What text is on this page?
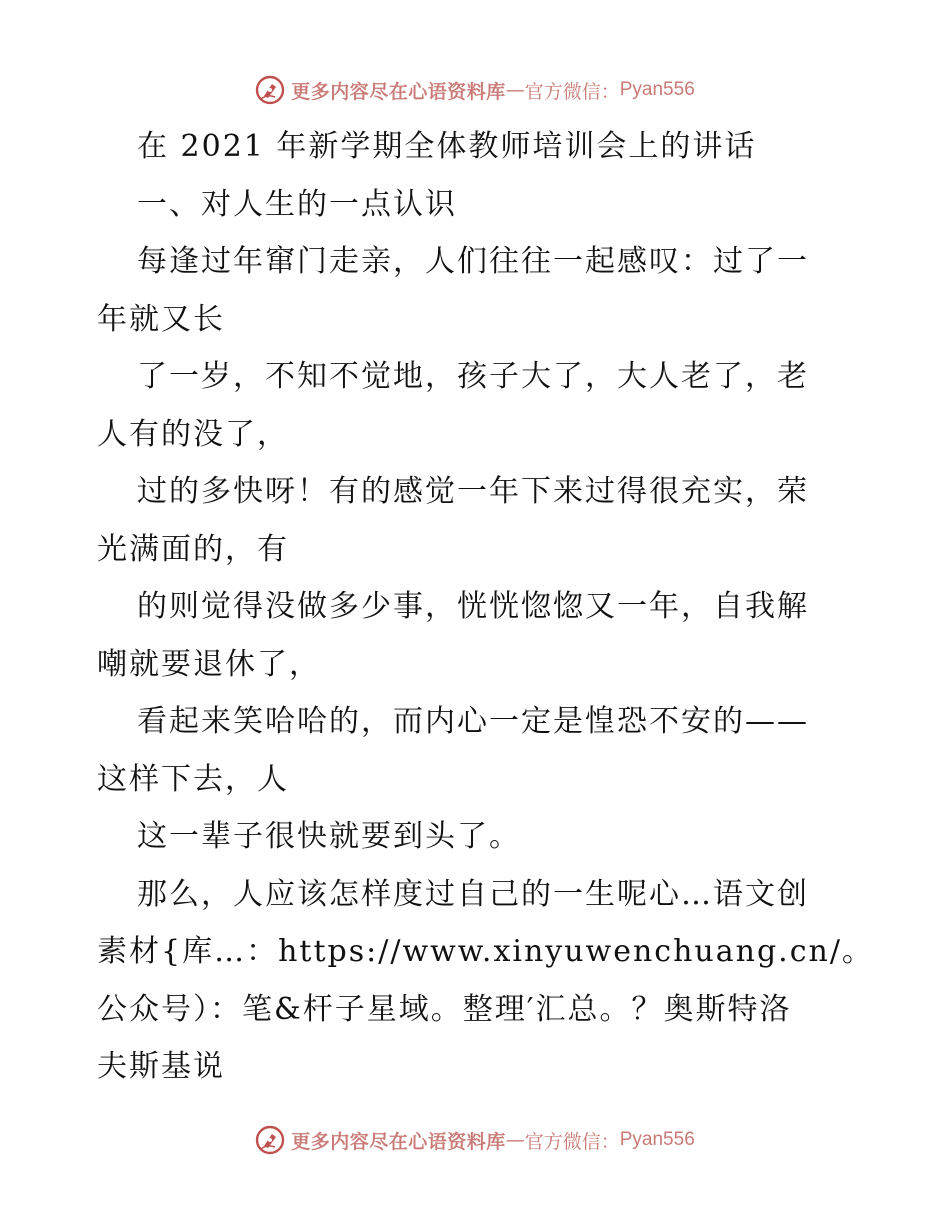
更多内容尽在心语资料库 — 官方微信： Pyan556
在 2021 年新学期全体教师培训会上的讲话
一、对人生的一点认识
每逢过年窜门走亲，人们往往一起感叹：过了一
年就又长
了一岁，不知不觉地，孩子大了，大人老了，老
人有的没了，
过的多快呀！有的感觉一年下来过得很充实，荣
光满面的，有
的则觉得没做多少事，恍恍惚惚又一年，自我解
嘲就要退休了，
看起来笑哈哈的，而内心一定是惶恐不安的——
这样下去，人
这一辈子很快就要到头了。
那么，人应该怎样度过自己的一生呢心…语文创
素材{库…：https://www.xinyuwenchuang.cn/。
公众号）：笔&杆子星域。整理′汇总。？奥斯特洛
夫斯基说
更多内容尽在心语资料库 — 官方微信： Pyan556
